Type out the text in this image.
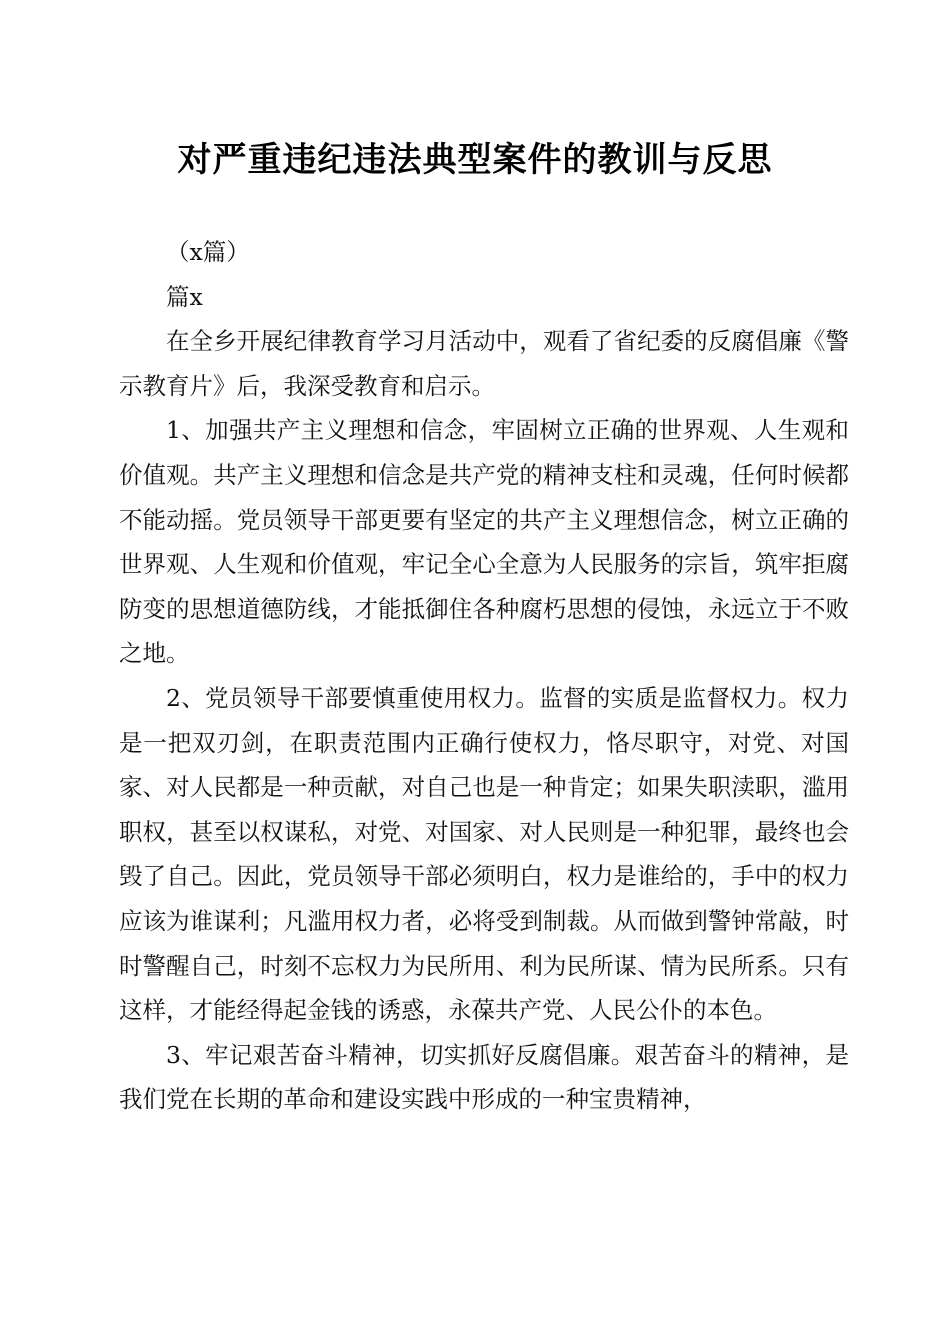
对严重违纪违法典型案件的教训与反思

（x篇）

篇x

在全乡开展纪律教育学习月活动中，观看了省纪委的反腐倡廉《警示教育片》后，我深受教育和启示。

1、加强共产主义理想和信念，牢固树立正确的世界观、人生观和价值观。共产主义理想和信念是共产党的精神支柱和灵魂，任何时候都不能动摇。党员领导干部更要有坚定的共产主义理想信念，树立正确的世界观、人生观和价值观，牢记全心全意为人民服务的宗旨，筑牢拒腐防变的思想道德防线，才能抵御住各种腐朽思想的侵蚀，永远立于不败之地。

2、党员领导干部要慎重使用权力。监督的实质是监督权力。权力是一把双刃剑，在职责范围内正确行使权力，恪尽职守，对党、对国家、对人民都是一种贡献，对自己也是一种肯定；如果失职渎职，滥用职权，甚至以权谋私，对党、对国家、对人民则是一种犯罪，最终也会毁了自己。因此，党员领导干部必须明白，权力是谁给的，手中的权力应该为谁谋利；凡滥用权力者，必将受到制裁。从而做到警钟常敲，时时警醒自己，时刻不忘权力为民所用、利为民所谋、情为民所系。只有这样，才能经得起金钱的诱惑，永葆共产党、人民公仆的本色。

3、牢记艰苦奋斗精神，切实抓好反腐倡廉。艰苦奋斗的精神，是我们党在长期的革命和建设实践中形成的一种宝贵精神，
